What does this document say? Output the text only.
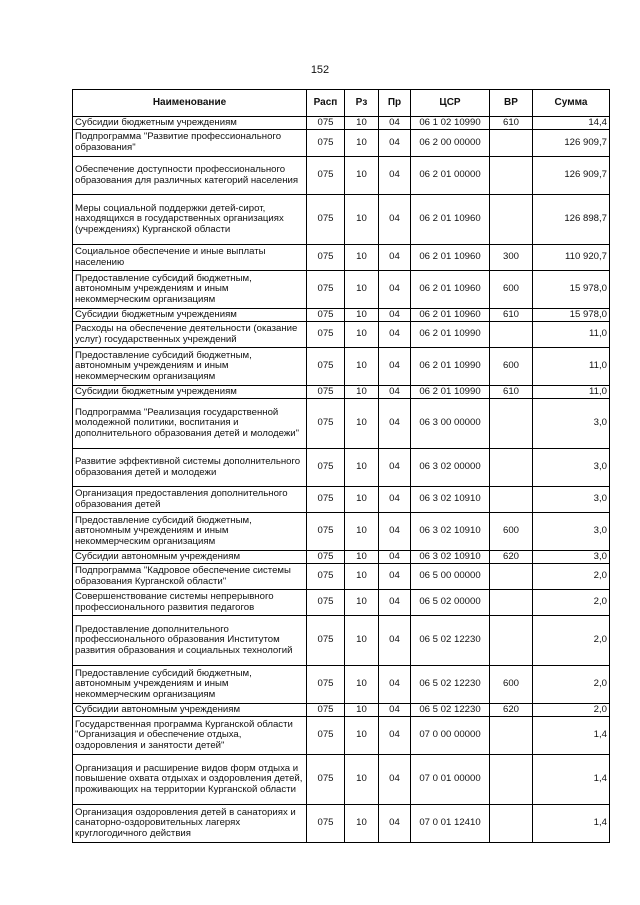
152
Наименование	Расп	Рз	Пр	ЦСР	ВР	Сумма
Субсидии бюджетным учреждениям	075	10	04	06 1 02 10990	610	14,4
Подпрограмма "Развитие профессионального образования"	075	10	04	06 2 00 00000		126 909,7
Обеспечение доступности профессионального образования для различных категорий населения	075	10	04	06 2 01 00000		126 909,7
Меры социальной поддержки детей-сирот, находящихся в государственных организациях (учреждениях) Курганской области	075	10	04	06 2 01 10960		126 898,7
Социальное обеспечение и иные выплаты населению	075	10	04	06 2 01 10960	300	110 920,7
Предоставление субсидий бюджетным, автономным учреждениям и иным некоммерческим организациям	075	10	04	06 2 01 10960	600	15 978,0
Субсидии бюджетным учреждениям	075	10	04	06 2 01 10960	610	15 978,0
Расходы на обеспечение деятельности (оказание услуг) государственных учреждений	075	10	04	06 2 01 10990		11,0
Предоставление субсидий бюджетным, автономным учреждениям и иным некоммерческим организациям	075	10	04	06 2 01 10990	600	11,0
Субсидии бюджетным учреждениям	075	10	04	06 2 01 10990	610	11,0
Подпрограмма "Реализация государственной молодежной политики, воспитания и дополнительного образования детей и молодежи"	075	10	04	06 3 00 00000		3,0
Развитие эффективной системы дополнительного образования детей и молодежи	075	10	04	06 3 02 00000		3,0
Организация предоставления дополнительного образования детей	075	10	04	06 3 02 10910		3,0
Предоставление субсидий бюджетным, автономным учреждениям и иным некоммерческим организациям	075	10	04	06 3 02 10910	600	3,0
Субсидии автономным учреждениям	075	10	04	06 3 02 10910	620	3,0
Подпрограмма "Кадровое обеспечение системы образования Курганской области"	075	10	04	06 5 00 00000		2,0
Совершенствование системы непрерывного профессионального развития педагогов	075	10	04	06 5 02 00000		2,0
Предоставление дополнительного профессионального образования Институтом развития образования и социальных технологий	075	10	04	06 5 02 12230		2,0
Предоставление субсидий бюджетным, автономным учреждениям и иным некоммерческим организациям	075	10	04	06 5 02 12230	600	2,0
Субсидии автономным учреждениям	075	10	04	06 5 02 12230	620	2,0
Государственная программа Курганской области "Организация и обеспечение отдыха, оздоровления и занятости детей"	075	10	04	07 0 00 00000		1,4
Организация и расширение видов форм отдыха и повышение охвата отдыхах и оздоровления детей, проживающих на территории Курганской области	075	10	04	07 0 01 00000		1,4
Организация оздоровления детей в санаториях и санаторно-оздоровительных лагерях круглогодичного действия	075	10	04	07 0 01 12410		1,4
